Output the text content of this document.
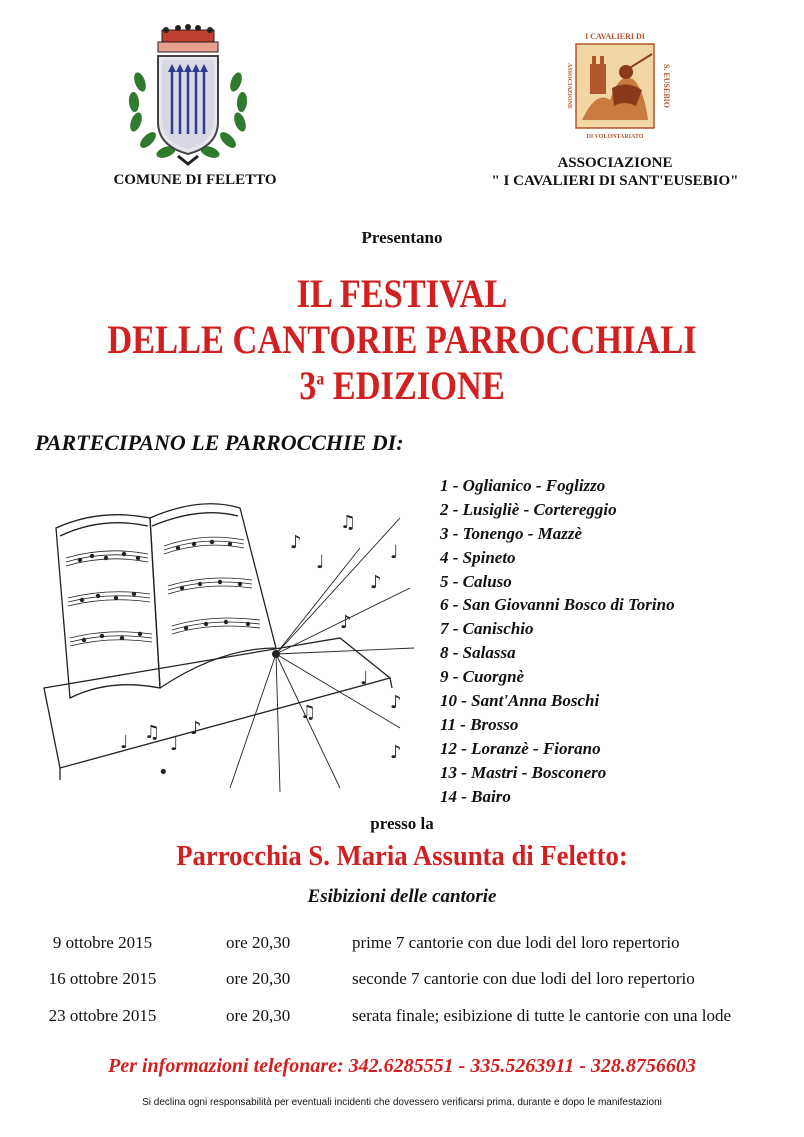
COMUNE DI FELETTO
I CAVALIERI DI
DI VOLONTARIATO
ASSOCIAZIONE	S. EUSEBIO
ASSOCIAZIONE
" I CAVALIERI DI SANT'EUSEBIO"
Presentano
IL FESTIVAL
DELLE CANTORIE PARROCCHIALI
3$^a$ EDIZIONE
PARTECIPANO LE PARROCCHIE DI:
♪
♫
♩
♪
♩
♪
♩
♪
♫
♩ ♫
♩
♪
•
♪
1 - Oglianico - Foglizzo
2 - Lusigliè - Cortereggio
3 - Tonengo - Mazzè
4 - Spineto
5 - Caluso
6 - San Giovanni Bosco di Torino
7 - Canischio
8 - Salassa
9 - Cuorgnè
10 - Sant'Anna Boschi
11 - Brosso
12 - Loranzè - Fiorano
13 - Mastri - Bosconero
14 - Bairo
presso la
Parrocchia S. Maria Assunta di Feletto:
Esibizioni delle cantorie
9 ottobre 2015	ore 20,30	prime 7 cantorie con due lodi del loro repertorio
16 ottobre 2015	ore 20,30	seconde 7 cantorie con due lodi del loro repertorio
23 ottobre 2015	ore 20,30	serata finale; esibizione di tutte le cantorie con una lode
Per informazioni telefonare: 342.6285551 - 335.5263911 - 328.8756603
Si declina ogni responsabilità per eventuali incidenti che dovessero verificarsi prima, durante e dopo le manifestazioni
